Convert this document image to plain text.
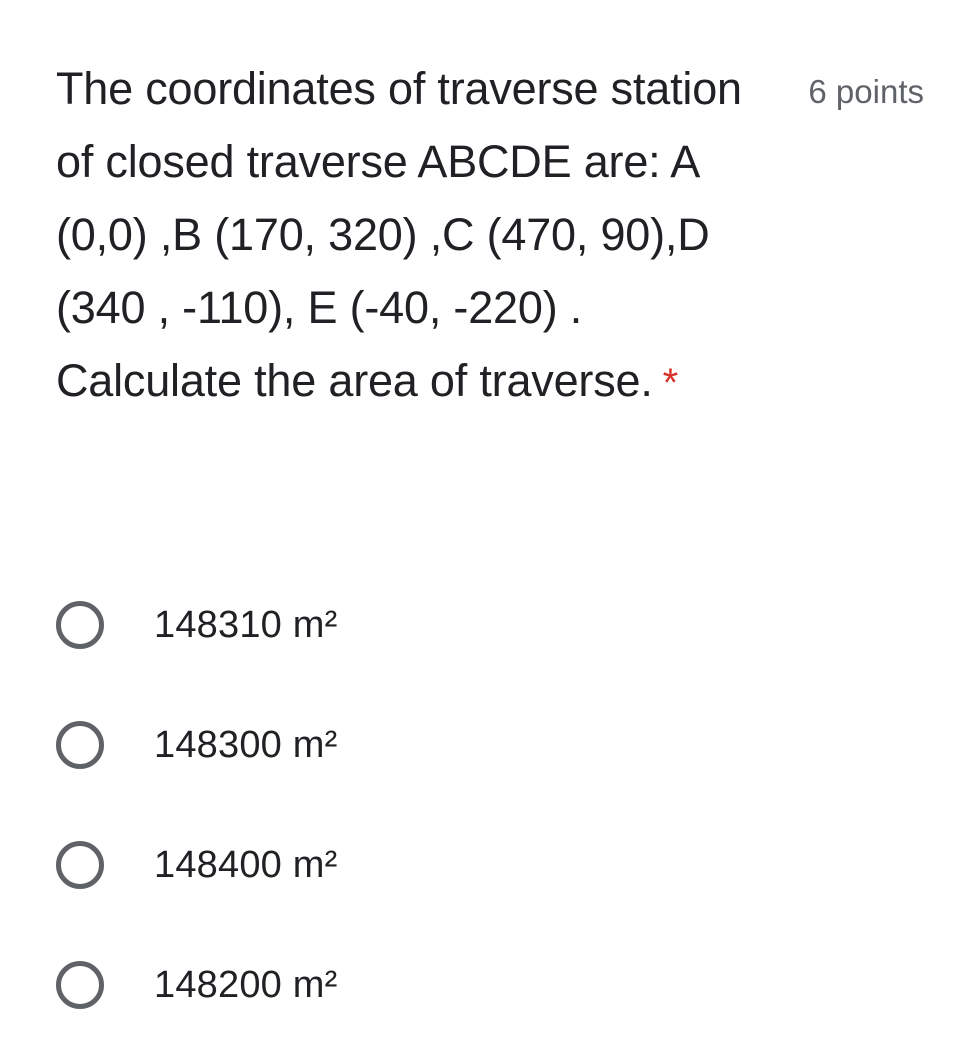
The coordinates of traverse station of closed traverse ABCDE are: A (0,0) ,B (170, 320) ,C (470, 90),D (340 , -110), E (-40, -220) . Calculate the area of traverse. *
6 points
148310 m²
148300 m²
148400 m²
148200 m²
